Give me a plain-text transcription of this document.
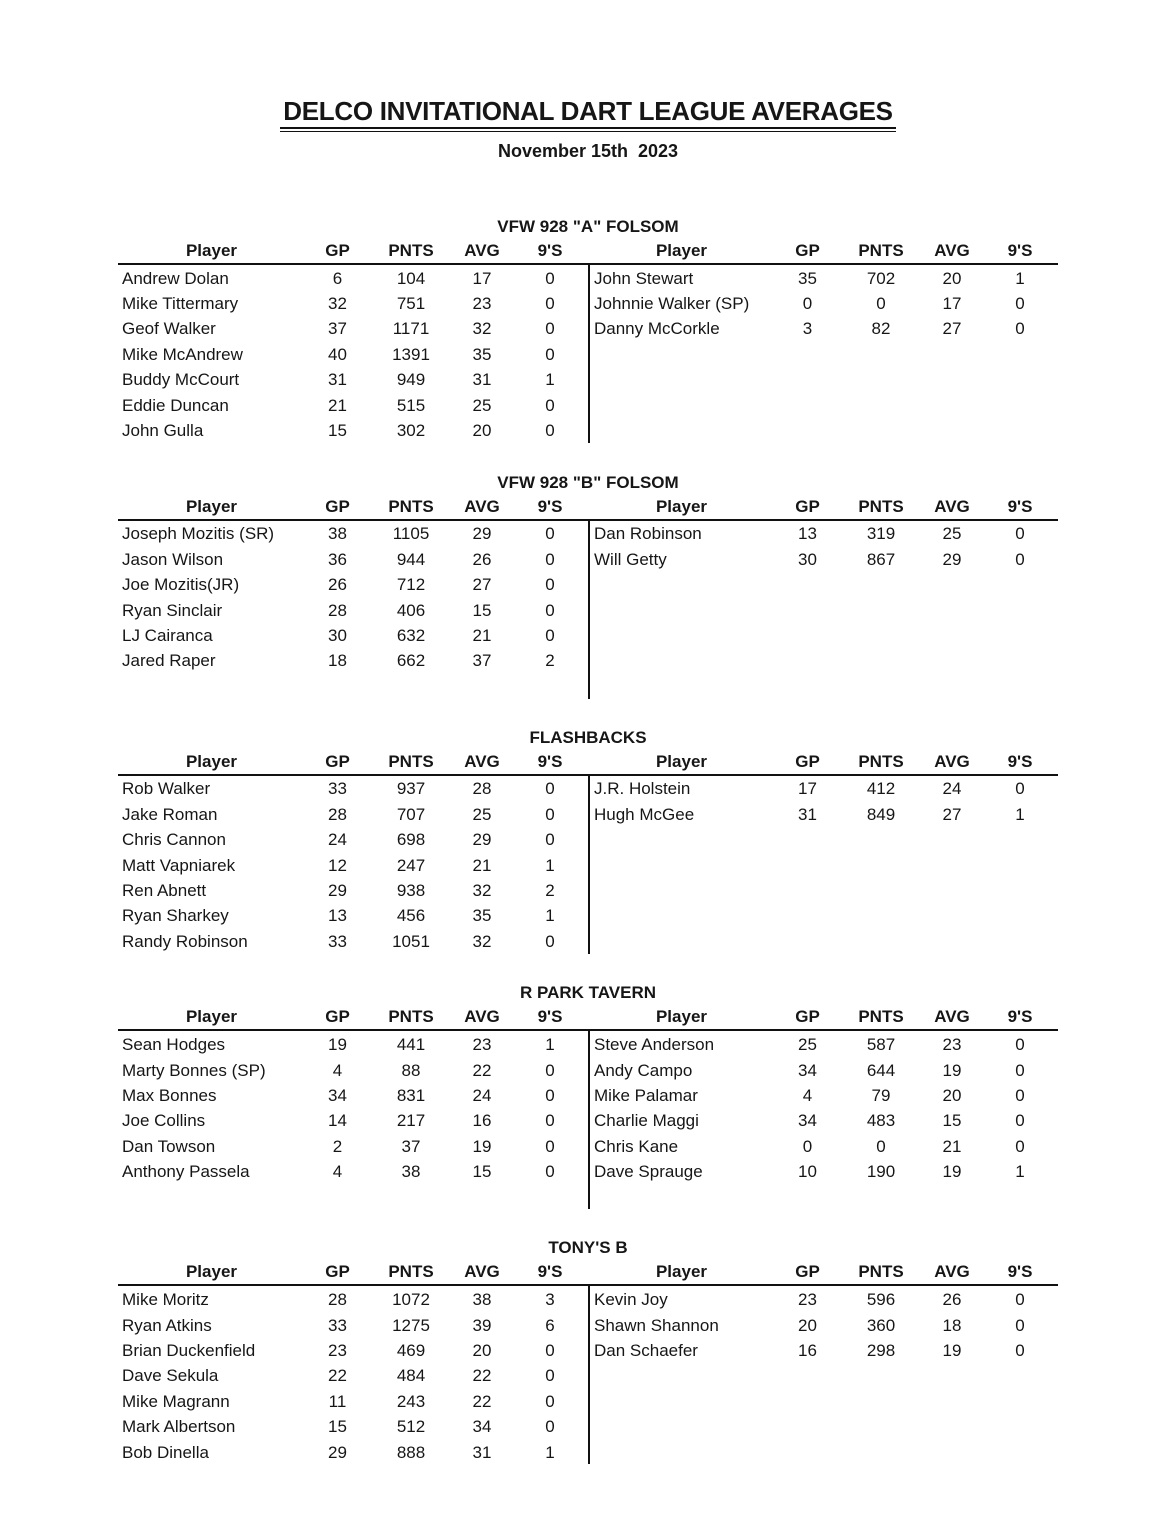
DELCO INVITATIONAL DART LEAGUE AVERAGES
November 15th  2023
VFW 928 "A" FOLSOM
Player	GP	PNTS	AVG	9'S
Andrew Dolan	6	104	17	0
Mike Tittermary	32	751	23	0
Geof Walker	37	1171	32	0
Mike McAndrew	40	1391	35	0
Buddy McCourt	31	949	31	1
Eddie Duncan	21	515	25	0
John Gulla	15	302	20	0
Player	GP	PNTS	AVG	9'S
John Stewart	35	702	20	1
Johnnie Walker (SP)	0	0	17	0
Danny McCorkle	3	82	27	0
VFW 928 "B" FOLSOM
Player	GP	PNTS	AVG	9'S
Joseph Mozitis (SR)	38	1105	29	0
Jason Wilson	36	944	26	0
Joe Mozitis(JR)	26	712	27	0
Ryan Sinclair	28	406	15	0
LJ Cairanca	30	632	21	0
Jared Raper	18	662	37	2
Player	GP	PNTS	AVG	9'S
Dan Robinson	13	319	25	0
Will Getty	30	867	29	0
FLASHBACKS
Player	GP	PNTS	AVG	9'S
Rob Walker	33	937	28	0
Jake Roman	28	707	25	0
Chris Cannon	24	698	29	0
Matt Vapniarek	12	247	21	1
Ren Abnett	29	938	32	2
Ryan Sharkey	13	456	35	1
Randy Robinson	33	1051	32	0
Player	GP	PNTS	AVG	9'S
J.R. Holstein	17	412	24	0
Hugh McGee	31	849	27	1
R PARK TAVERN
Player	GP	PNTS	AVG	9'S
Sean Hodges	19	441	23	1
Marty Bonnes (SP)	4	88	22	0
Max Bonnes	34	831	24	0
Joe Collins	14	217	16	0
Dan Towson	2	37	19	0
Anthony Passela	4	38	15	0
Player	GP	PNTS	AVG	9'S
Steve Anderson	25	587	23	0
Andy Campo	34	644	19	0
Mike Palamar	4	79	20	0
Charlie Maggi	34	483	15	0
Chris Kane	0	0	21	0
Dave Sprauge	10	190	19	1
TONY'S B
Player	GP	PNTS	AVG	9'S
Mike Moritz	28	1072	38	3
Ryan Atkins	33	1275	39	6
Brian Duckenfield	23	469	20	0
Dave Sekula	22	484	22	0
Mike Magrann	11	243	22	0
Mark Albertson	15	512	34	0
Bob Dinella	29	888	31	1
Player	GP	PNTS	AVG	9'S
Kevin Joy	23	596	26	0
Shawn Shannon	20	360	18	0
Dan Schaefer	16	298	19	0
